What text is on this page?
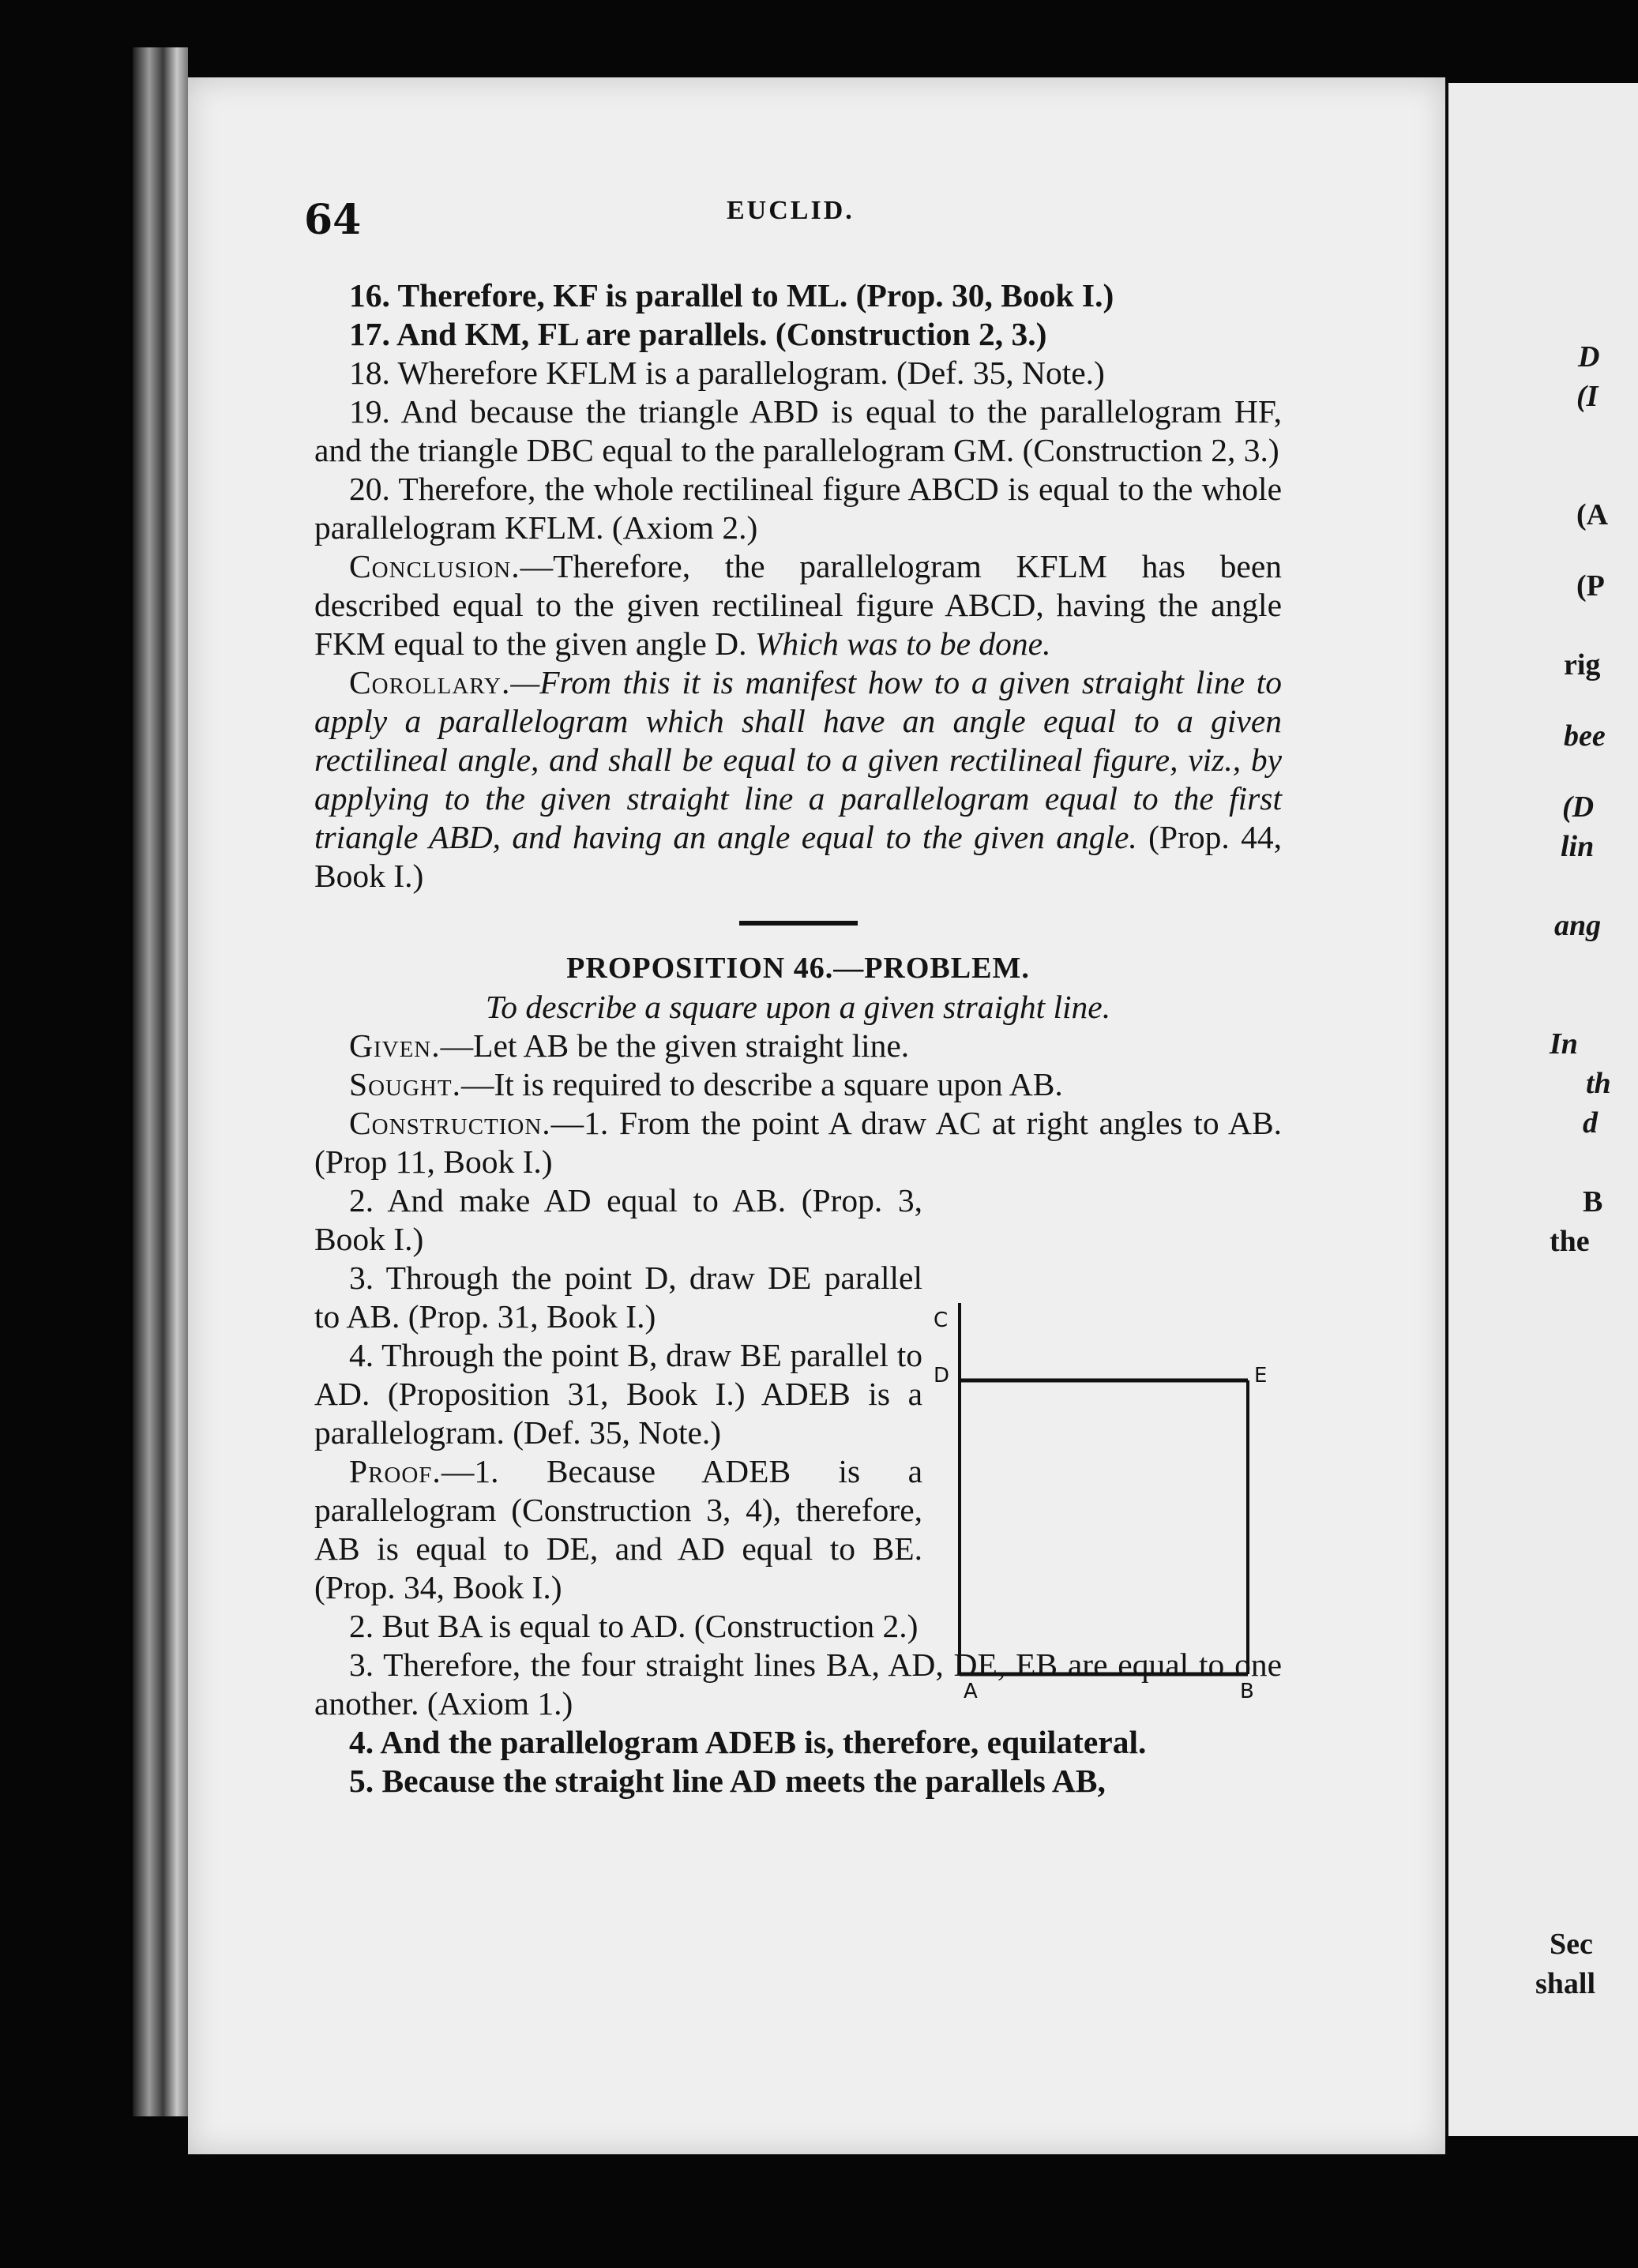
64	EUCLID.

16. Therefore, KF is parallel to ML. (Prop. 30, Book I.)

17. And KM, FL are parallels. (Construction 2, 3.)

18. Wherefore KFLM is a parallelogram. (Def. 35, Note.)

19. And because the triangle ABD is equal to the parallelogram HF, and the triangle DBC equal to the parallelogram GM. (Construction 2, 3.)

20. Therefore, the whole rectilineal figure ABCD is equal to the whole parallelogram KFLM. (Axiom 2.)

Conclusion.—Therefore, the parallelogram KFLM has been described equal to the given rectilineal figure ABCD, having the angle FKM equal to the given angle D. Which was to be done.

Corollary.—From this it is manifest how to a given straight line to apply a parallelogram which shall have an angle equal to a given rectilineal angle, and shall be equal to a given rectilineal figure, viz., by applying to the given straight line a parallelogram equal to the first triangle ABD, and having an angle equal to the given angle. (Prop. 44, Book I.)

PROPOSITION 46.—PROBLEM.

To describe a square upon a given straight line.

Given.—Let AB be the given straight line.

Sought.—It is required to describe a square upon AB.

Construction.—1. From the point A draw AC at right angles to AB. (Prop 11, Book I.)

2. And make AD equal to AB. (Prop. 3, Book I.)

3. Through the point D, draw DE parallel to AB. (Prop. 31, Book I.)

4. Through the point B, draw BE parallel to AD. (Proposition 31, Book I.) ADEB is a parallelogram. (Def. 35, Note.)

Proof.—1. Because ADEB is a parallelogram (Construction 3, 4), therefore, AB is equal to DE, and AD equal to BE. (Prop. 34, Book I.)

2. But BA is equal to AD. (Construction 2.)

3. Therefore, the four straight lines BA, AD, DE, EB are equal to one another. (Axiom 1.)

4. And the parallelogram ADEB is, therefore, equilateral.

5. Because the straight line AD meets the parallels AB,

C
D	E
A	B
D
(I
(A
(P
rig
bee
(D
lin
ang
In
th
d
B
the
Sec
shall
